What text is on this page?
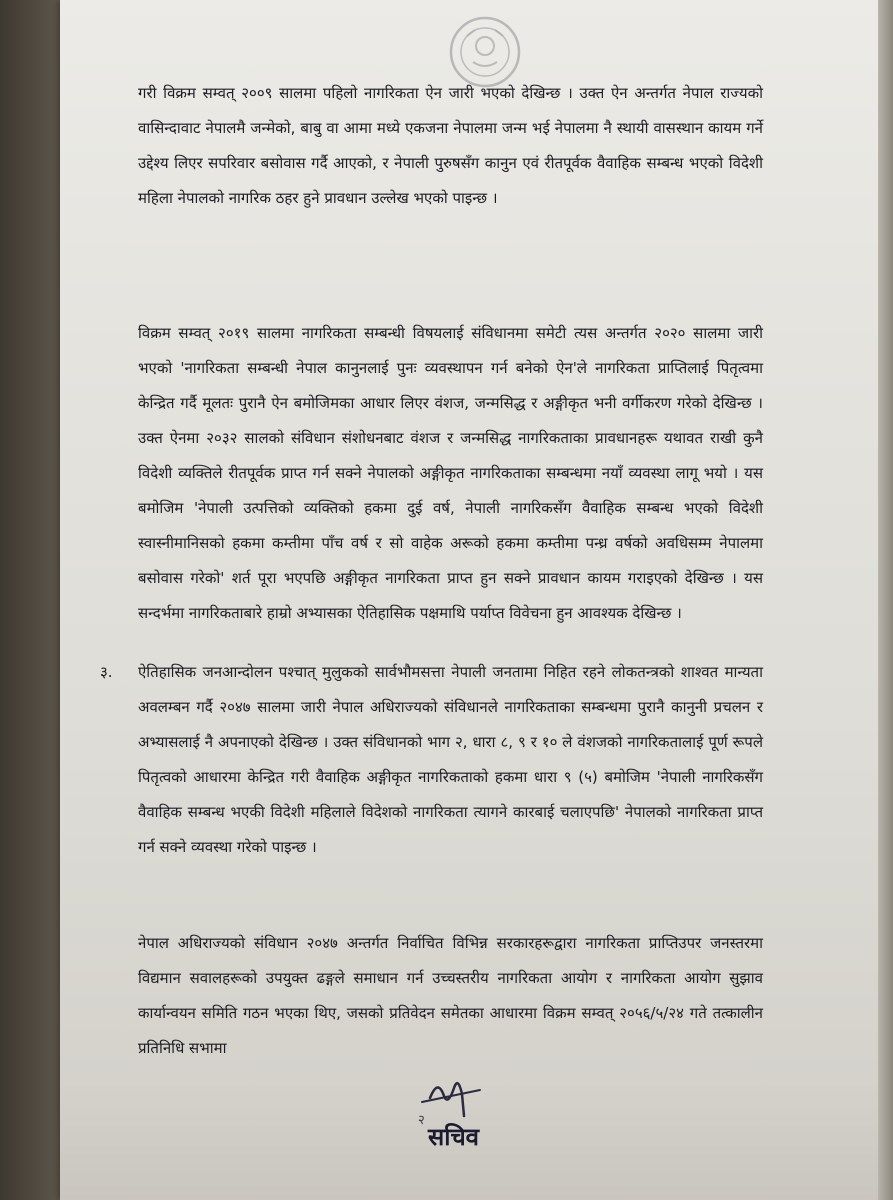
गरी विक्रम सम्वत् २००९ सालमा पहिलो नागरिकता ऐन जारी भएको देखिन्छ । उक्त ऐन अन्तर्गत नेपाल राज्यको वासिन्दावाट नेपालमै जन्मेको, बाबु वा आमा मध्ये एकजना नेपालमा जन्म भई नेपालमा नै स्थायी वासस्थान कायम गर्ने उद्देश्य लिएर सपरिवार बसोवास गर्दै आएको, र नेपाली पुरुषसँग कानुन एवं रीतपूर्वक वैवाहिक सम्बन्ध भएको विदेशी महिला नेपालको नागरिक ठहर हुने प्रावधान उल्लेख भएको पाइन्छ ।

विक्रम सम्वत् २०१९ सालमा नागरिकता सम्बन्धी विषयलाई संविधानमा समेटी त्यस अन्तर्गत २०२० सालमा जारी भएको 'नागरिकता सम्बन्धी नेपाल कानुनलाई पुनः व्यवस्थापन गर्न बनेको ऐन'ले नागरिकता प्राप्तिलाई पितृत्वमा केन्द्रित गर्दै मूलतः पुरानै ऐन बमोजिमका आधार लिएर वंशज, जन्मसिद्ध र अङ्गीकृत भनी वर्गीकरण गरेको देखिन्छ । उक्त ऐनमा २०३२ सालको संविधान संशोधनबाट वंशज र जन्मसिद्ध नागरिकताका प्रावधानहरू यथावत राखी कुनै विदेशी व्यक्तिले रीतपूर्वक प्राप्त गर्न सक्ने नेपालको अङ्गीकृत नागरिकताका सम्बन्धमा नयाँ व्यवस्था लागू भयो । यस बमोजिम 'नेपाली उत्पत्तिको व्यक्तिको हकमा दुई वर्ष, नेपाली नागरिकसँग वैवाहिक सम्बन्ध भएको विदेशी स्वास्नीमानिसको हकमा कम्तीमा पाँच वर्ष र सो वाहेक अरूको हकमा कम्तीमा पन्ध्र वर्षको अवधिसम्म नेपालमा बसोवास गरेको' शर्त पूरा भएपछि अङ्गीकृत नागरिकता प्राप्त हुन सक्ने प्रावधान कायम गराइएको देखिन्छ । यस सन्दर्भमा नागरिकताबारे हाम्रो अभ्यासका ऐतिहासिक पक्षमाथि पर्याप्त विवेचना हुन आवश्यक देखिन्छ ।

३.	ऐतिहासिक जनआन्दोलन पश्चात् मुलुकको सार्वभौमसत्ता नेपाली जनतामा निहित रहने लोकतन्त्रको शाश्वत मान्यता अवलम्बन गर्दै २०४७ सालमा जारी नेपाल अधिराज्यको संविधानले नागरिकताका सम्बन्धमा पुरानै कानुनी प्रचलन र अभ्यासलाई नै अपनाएको देखिन्छ । उक्त संविधानको भाग २, धारा ८, ९ र १० ले वंशजको नागरिकतालाई पूर्ण रूपले पितृत्वको आधारमा केन्द्रित गरी वैवाहिक अङ्गीकृत नागरिकताको हकमा धारा ९ (५) बमोजिम 'नेपाली नागरिकसँग वैवाहिक सम्बन्ध भएकी विदेशी महिलाले विदेशको नागरिकता त्यागने कारबाई चलाएपछि' नेपालको नागरिकता प्राप्त गर्न सक्ने व्यवस्था गरेको पाइन्छ ।

नेपाल अधिराज्यको संविधान २०४७ अन्तर्गत निर्वाचित विभिन्न सरकारहरूद्वारा नागरिकता प्राप्तिउपर जनस्तरमा विद्यमान सवालहरूको उपयुक्त ढङ्गले समाधान गर्न उच्चस्तरीय नागरिकता आयोग र नागरिकता आयोग सुझाव कार्यान्वयन समिति गठन भएका थिए, जसको प्रतिवेदन समेतका आधारमा विक्रम सम्वत् २०५६/५/२४ गते तत्कालीन प्रतिनिधि सभामा

२
सचिव
